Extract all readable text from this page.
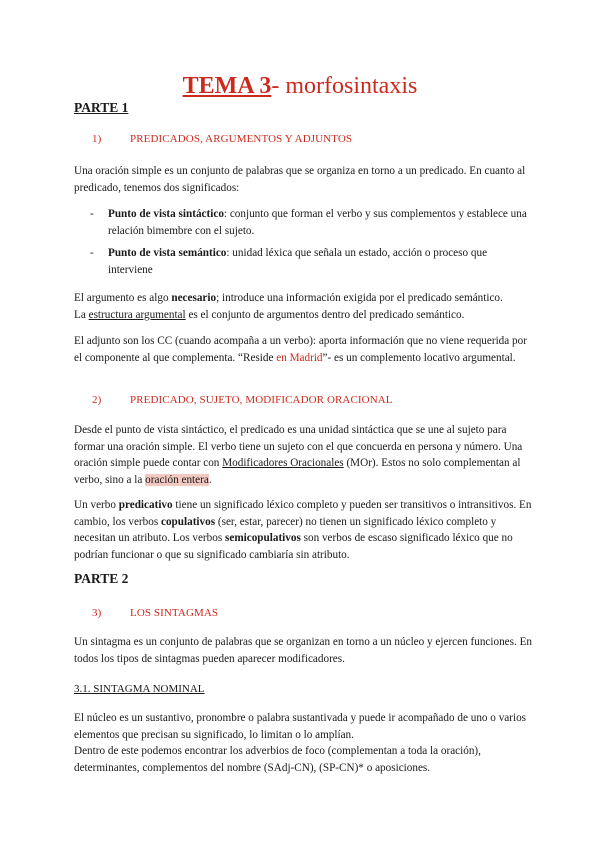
TEMA 3- morfosintaxis
PARTE 1
1)	PREDICADOS, ARGUMENTOS Y ADJUNTOS
Una oración simple es un conjunto de palabras que se organiza en torno a un predicado. En cuanto al predicado, tenemos dos significados:
- Punto de vista sintáctico: conjunto que forman el verbo y sus complementos y establece una relación bimembre con el sujeto.
- Punto de vista semántico: unidad léxica que señala un estado, acción o proceso que interviene
El argumento es algo necesario; introduce una información exigida por el predicado semántico.
La estructura argumental es el conjunto de argumentos dentro del predicado semántico.
El adjunto son los CC (cuando acompaña a un verbo): aporta información que no viene requerida por el componente al que complementa. “Reside en Madrid”- es un complemento locativo argumental.
2)	PREDICADO, SUJETO, MODIFICADOR ORACIONAL
Desde el punto de vista sintáctico, el predicado es una unidad sintáctica que se une al sujeto para formar una oración simple. El verbo tiene un sujeto con el que concuerda en persona y número. Una oración simple puede contar con Modificadores Oracionales (MOr). Estos no solo complementan al verbo, sino a la oración entera.
Un verbo predicativo tiene un significado léxico completo y pueden ser transitivos o intransitivos. En cambio, los verbos copulativos (ser, estar, parecer) no tienen un significado léxico completo y necesitan un atributo. Los verbos semicopulativos son verbos de escaso significado léxico que no podrían funcionar o que su significado cambiaría sin atributo.
PARTE 2
3)	LOS SINTAGMAS
Un sintagma es un conjunto de palabras que se organizan en torno a un núcleo y ejercen funciones. En todos los tipos de sintagmas pueden aparecer modificadores.
3.1. SINTAGMA NOMINAL
El núcleo es un sustantivo, pronombre o palabra sustantivada y puede ir acompañado de uno o varios elementos que precisan su significado, lo limitan o lo amplían.
Dentro de este podemos encontrar los adverbios de foco (complementan a toda la oración), determinantes, complementos del nombre (SAdj-CN), (SP-CN)* o aposiciones.
